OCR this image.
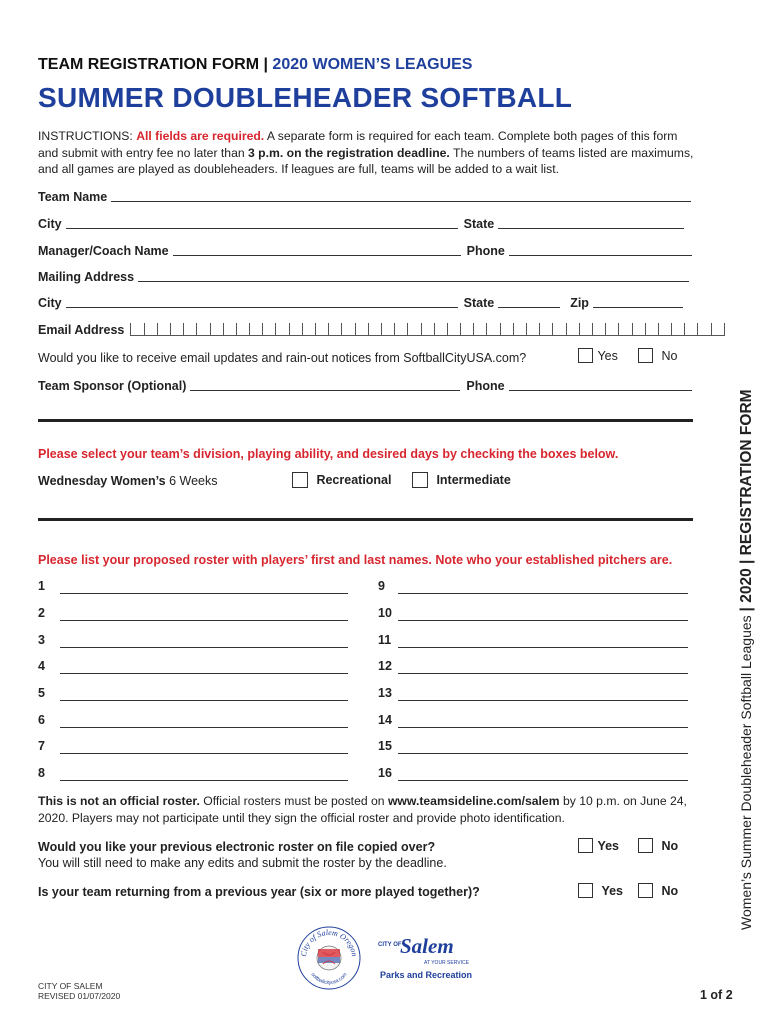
TEAM REGISTRATION FORM | 2020 WOMEN’S LEAGUES
SUMMER DOUBLEHEADER SOFTBALL
INSTRUCTIONS: All fields are required. A separate form is required for each team. Complete both pages of this form and submit with entry fee no later than 3 p.m. on the registration deadline. The numbers of teams listed are maximums, and all games are played as doubleheaders. If leagues are full, teams will be added to a wait list.
Team Name
City	State
Manager/Coach Name	Phone
Mailing Address
City	State	Zip
Email Address
Would you like to receive email updates and rain-out notices from SoftballCityUSA.com?	Yes	No
Team Sponsor (Optional)	Phone
Please select your team’s division, playing ability, and desired days by checking the boxes below.
Wednesday Women’s 6 Weeks	Recreational	Intermediate
Please list your proposed roster with players’ first and last names. Note who your established pitchers are.
1
2
3
4
5
6
7
8
9
10
11
12
13
14
15
16
This is not an official roster. Official rosters must be posted on www.teamsideline.com/salem by 10 p.m. on June 24, 2020. Players may not participate until they sign the official roster and provide photo identification.
Would you like your previous electronic roster on file copied over?
You will still need to make any edits and submit the roster by the deadline.
Yes	No
Is your team returning from a previous year (six or more played together)?	Yes	No	Women’s Summer Doubleheader Softball Leagues | 2020 | REGISTRATION FORM
City of Salem Oregon
softballcityusa.com
CITY OF
Salem
AT YOUR SERVICE
Parks and Recreation
CITY OF SALEM
REVISED 01/07/2020	1 of 2
